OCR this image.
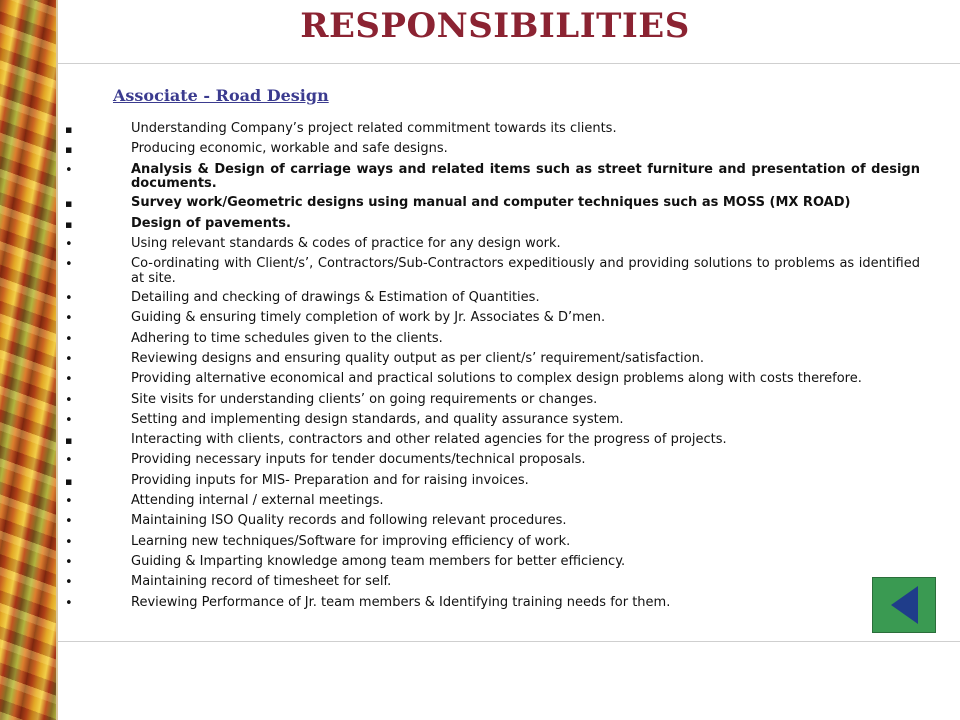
RESPONSIBILITIES
Associate - Road Design
▪
Understanding Company’s project related commitment towards its clients.
▪
Producing economic, workable and safe designs.
•
Analysis & Design of carriage ways and related items such as street furniture and presentation of design documents.
▪
Survey work/Geometric designs using manual and computer techniques such as MOSS (MX ROAD)
▪
Design of pavements.
•
Using relevant standards & codes of practice for any design work.
•
Co-ordinating with Client/s’, Contractors/Sub-Contractors expeditiously and providing solutions to problems as identified at site.
•
Detailing and checking of drawings & Estimation of Quantities.
•
Guiding & ensuring timely completion of work by Jr. Associates & D’men.
•
Adhering to time schedules given to the clients.
•
Reviewing designs and ensuring quality output as per client/s’ requirement/satisfaction.
•
Providing alternative economical and practical solutions to complex design problems along with costs therefore.
•
Site visits for understanding clients’ on going requirements or changes.
•
Setting and implementing design standards, and quality assurance system.
▪
Interacting with clients, contractors and other related agencies for the progress of projects.
•
Providing necessary inputs for tender documents/technical proposals.
▪
Providing inputs for MIS- Preparation and for raising invoices.
•
Attending internal / external meetings.
•
Maintaining ISO Quality records and following relevant procedures.
•
Learning new techniques/Software for improving efficiency of work.
•
Guiding & Imparting knowledge among team members for better efficiency.
•
Maintaining record of timesheet for self.
•
Reviewing Performance of Jr. team members & Identifying training needs for them.
